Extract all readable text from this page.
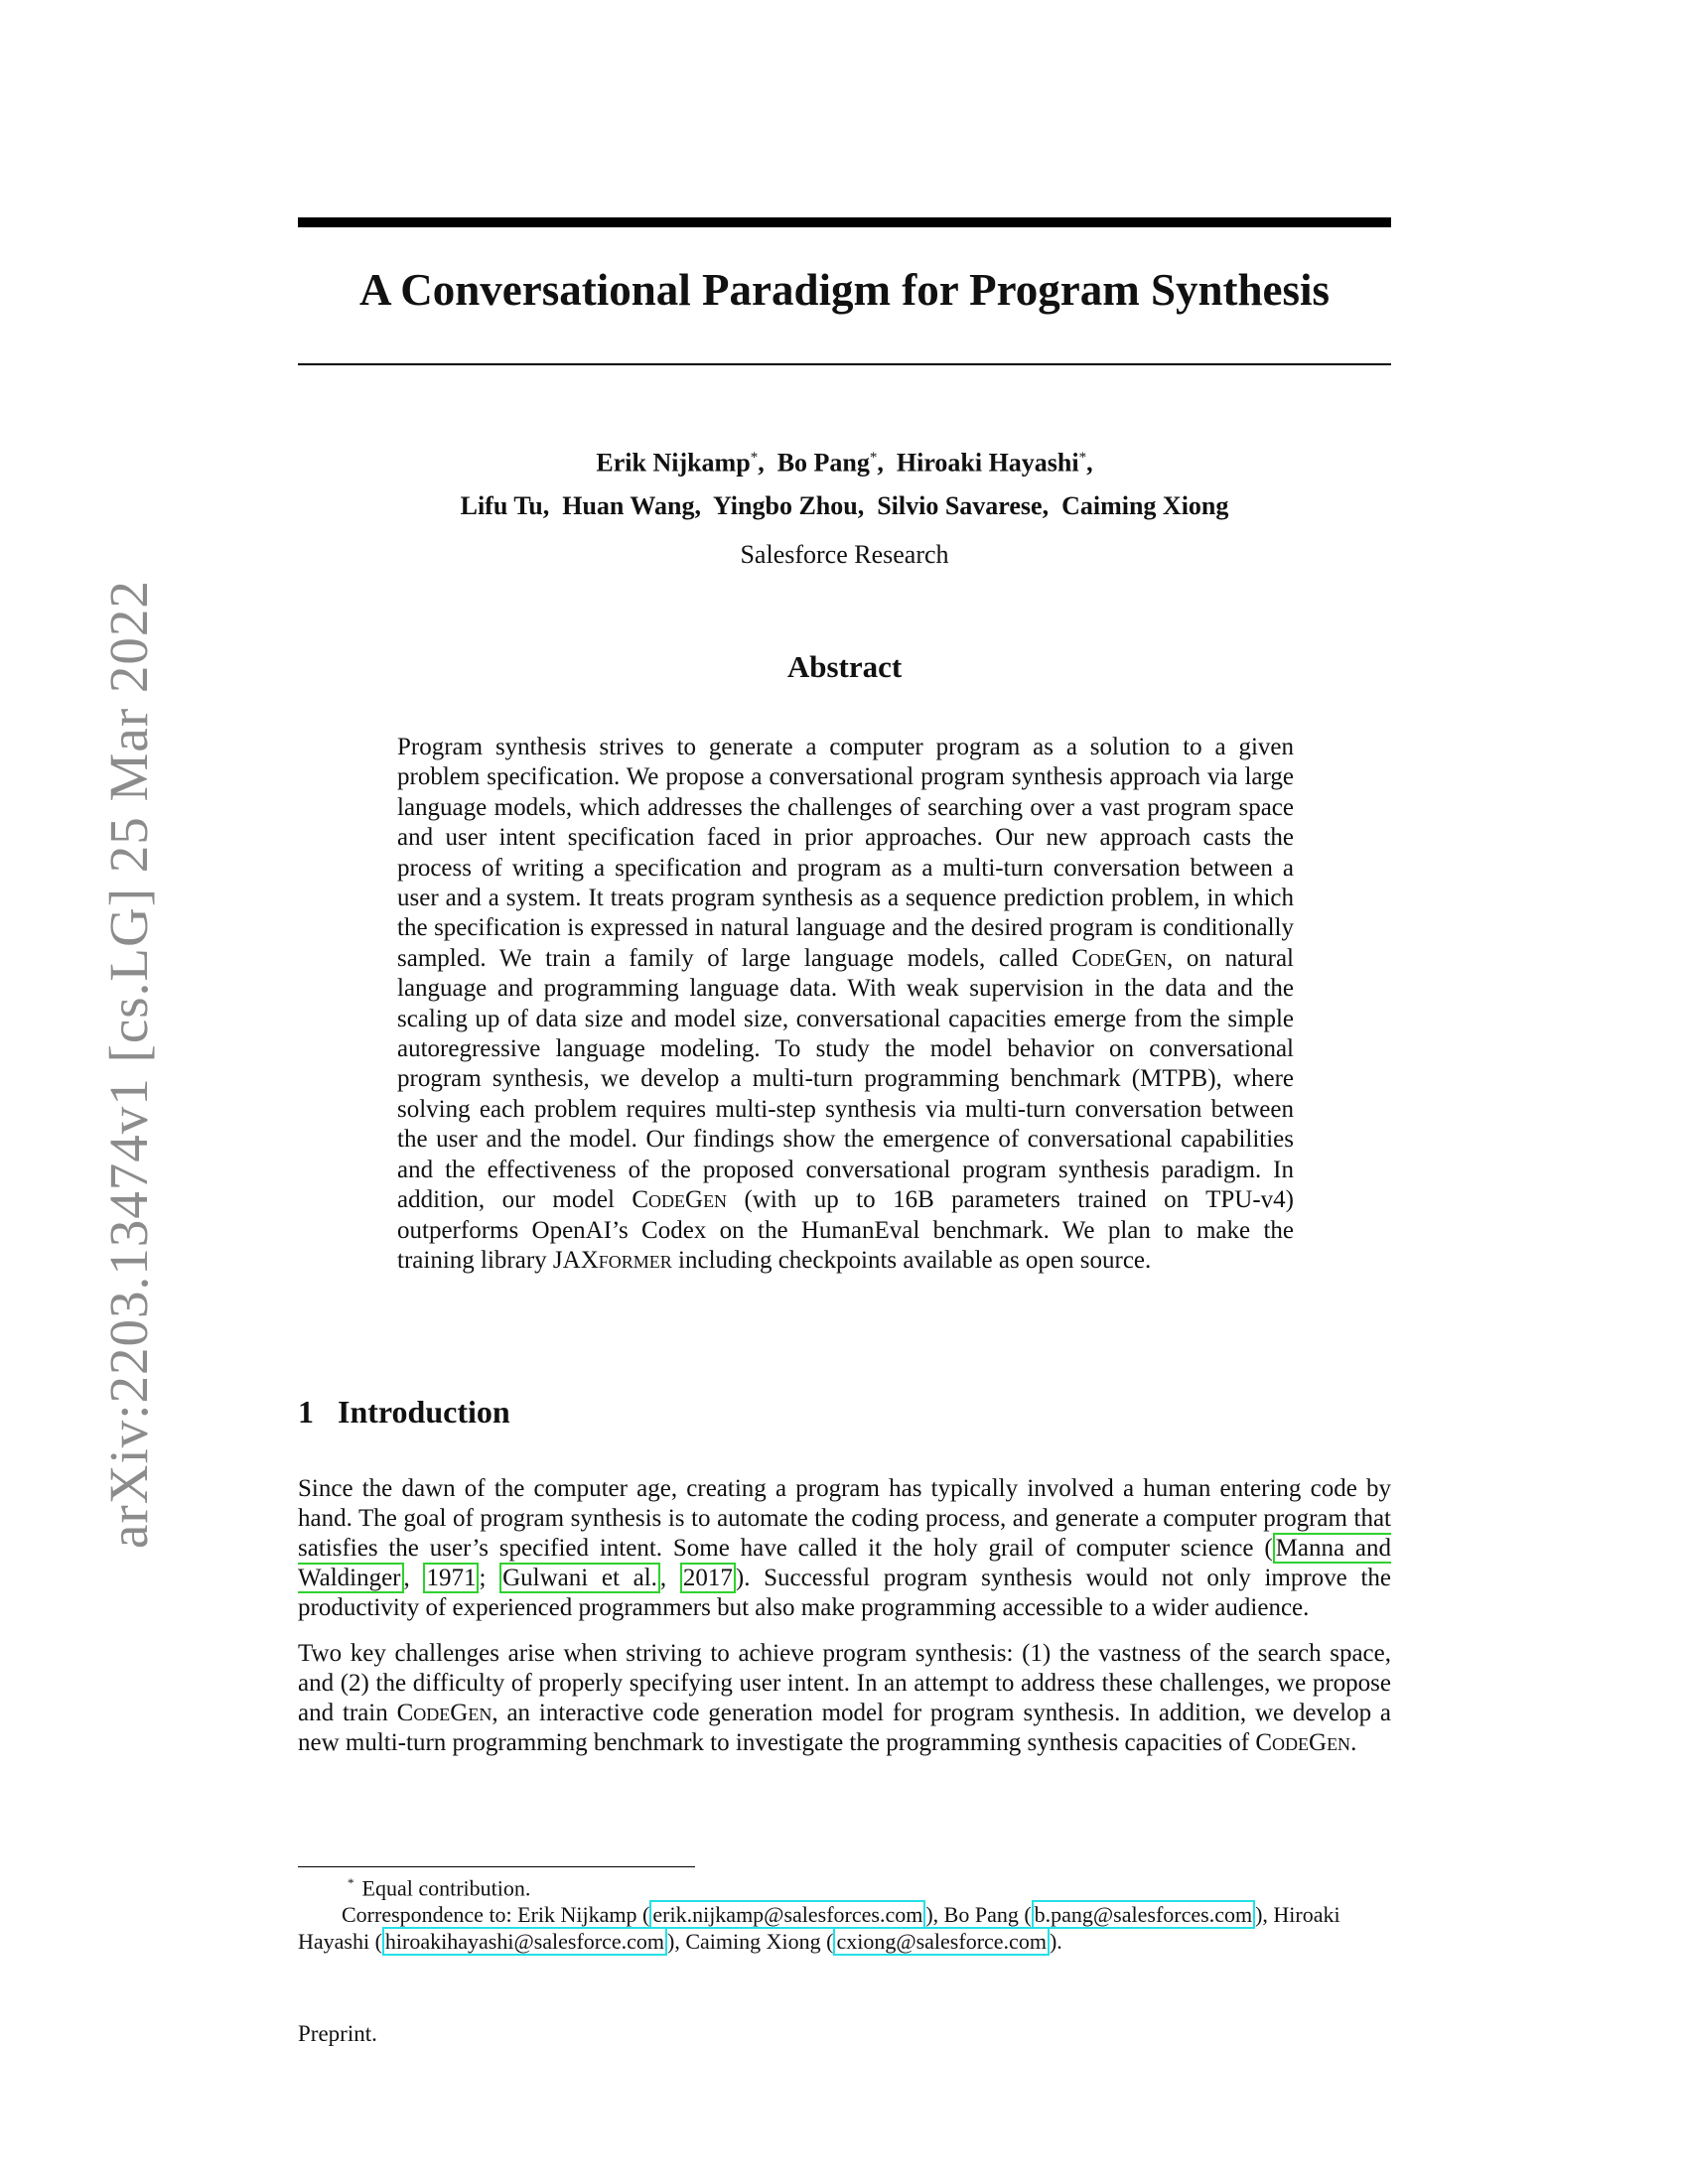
arXiv:2203.13474v1 [cs.LG] 25 Mar 2022
A Conversational Paradigm for Program Synthesis
Erik Nijkamp*,  Bo Pang*,  Hiroaki Hayashi*,
Lifu Tu,  Huan Wang,  Yingbo Zhou,  Silvio Savarese,  Caiming Xiong
Salesforce Research
Abstract

Program synthesis strives to generate a computer program as a solution to a given problem specification. We propose a conversational program synthesis approach via large language models, which addresses the challenges of searching over a vast program space and user intent specification faced in prior approaches. Our new approach casts the process of writing a specification and program as a multi-turn conversation between a user and a system. It treats program synthesis as a sequence prediction problem, in which the specification is expressed in natural language and the desired program is conditionally sampled. We train a family of large language models, called CodeGen, on natural language and programming language data. With weak supervision in the data and the scaling up of data size and model size, conversational capacities emerge from the simple autoregressive language modeling. To study the model behavior on conversational program synthesis, we develop a multi-turn programming benchmark (MTPB), where solving each problem requires multi-step synthesis via multi-turn conversation between the user and the model. Our findings show the emergence of conversational capabilities and the effectiveness of the proposed conversational program synthesis paradigm. In addition, our model CodeGen (with up to 16B parameters trained on TPU-v4) outperforms OpenAI’s Codex on the HumanEval benchmark. We plan to make the training library JAXformer including checkpoints available as open source.

1 Introduction

Since the dawn of the computer age, creating a program has typically involved a human entering code by hand. The goal of program synthesis is to automate the coding process, and generate a computer program that satisfies the user’s specified intent. Some have called it the holy grail of computer science ( Manna and Waldinger , 1971 ; Gulwani et al. , 2017 ). Successful program synthesis would not only improve the productivity of experienced programmers but also make programming accessible to a wider audience.

Two key challenges arise when striving to achieve program synthesis: (1) the vastness of the search space, and (2) the difficulty of properly specifying user intent. In an attempt to address these challenges, we propose and train CodeGen, an interactive code generation model for program synthesis. In addition, we develop a new multi-turn programming benchmark to investigate the programming synthesis capacities of CodeGen.

* Equal contribution.
Correspondence to: Erik Nijkamp ( erik.nijkamp@salesforces.com ), Bo Pang ( b.pang@salesforces.com ), Hiroaki Hayashi ( hiroakihayashi@salesforce.com ), Caiming Xiong ( cxiong@salesforce.com ).
Preprint.
